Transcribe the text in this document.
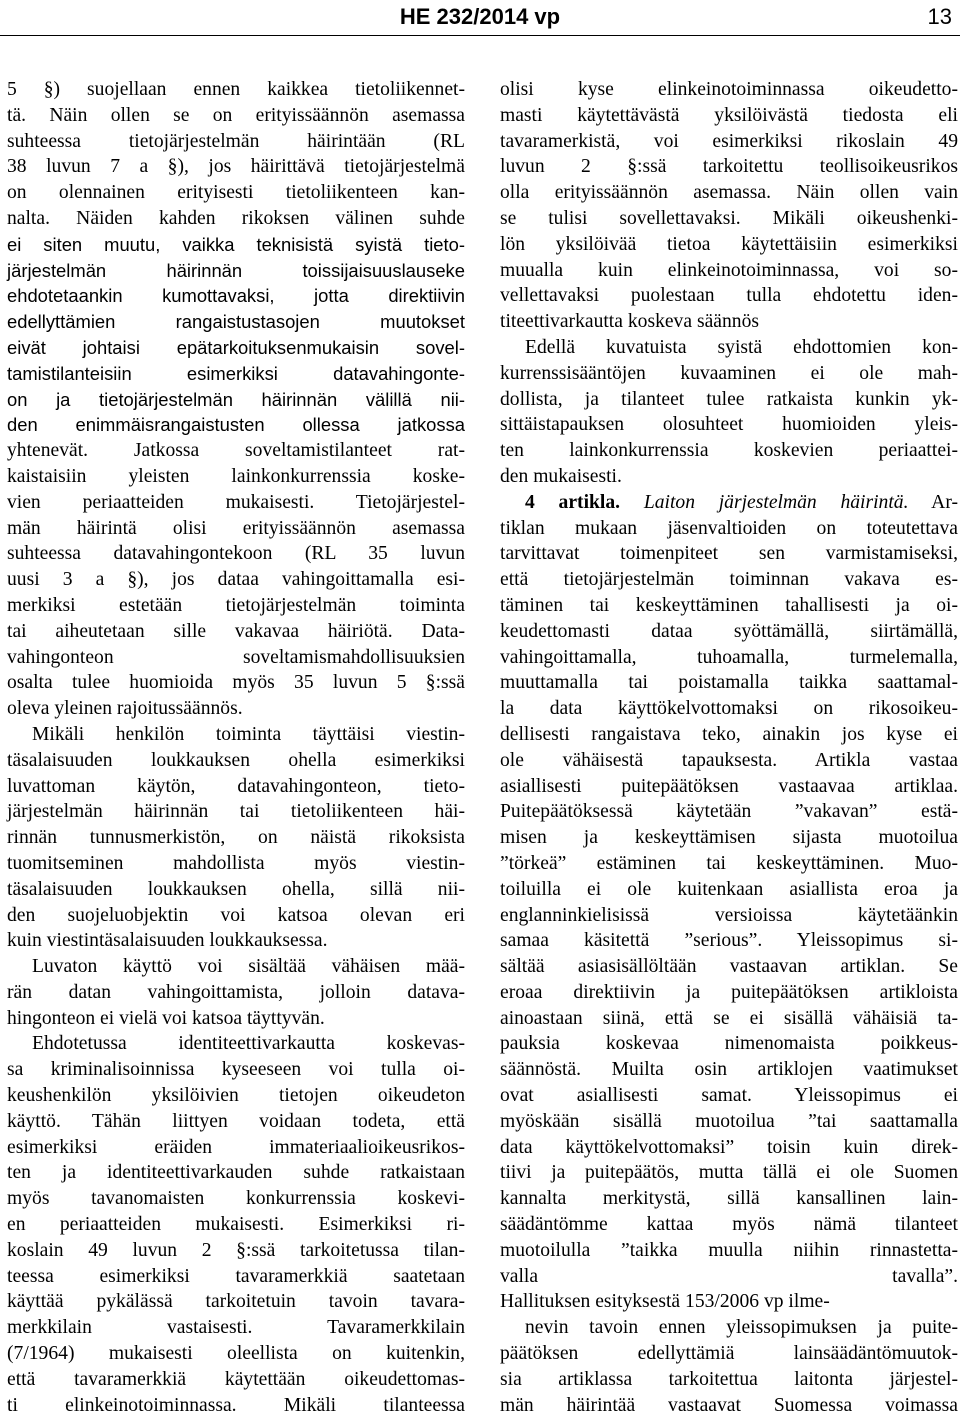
HE 232/2014 vp	13
5 §) suojellaan ennen kaikkea tietoliikennet-
tä. Näin ollen se on erityissäännön asemassa
suhteessa tietojärjestelmän häirintään (RL
38 luvun 7 a §), jos häirittävä tietojärjestelmä
on olennainen erityisesti tietoliikenteen kan-
nalta. Näiden kahden rikoksen välinen suhde
ei siten muutu, vaikka teknisistä syistä tieto-
järjestelmän häirinnän toissijaisuuslauseke
ehdotetaankin kumottavaksi, jotta direktiivin
edellyttämien rangaistustasojen muutokset
eivät johtaisi epätarkoituksenmukaisin sovel-
tamistilanteisiin esimerkiksi datavahingonte-
on ja tietojärjestelmän häirinnän välillä nii-
den enimmäisrangaistusten ollessa jatkossa
yhtenevät. Jatkossa soveltamistilanteet rat-
kaistaisiin yleisten lainkonkurrenssia koske-
vien periaatteiden mukaisesti. Tietojärjestel-
män häirintä olisi erityissäännön asemassa
suhteessa datavahingontekoon (RL 35 luvun
uusi 3 a §), jos dataa vahingoittamalla esi-
merkiksi estetään tietojärjestelmän toiminta
tai aiheutetaan sille vakavaa häiriötä. Data-
vahingonteon soveltamismahdollisuuksien
osalta tulee huomioida myös 35 luvun 5 §:ssä
oleva yleinen rajoitussäännös.
Mikäli henkilön toiminta täyttäisi viestin-
täsalaisuuden loukkauksen ohella esimerkiksi
luvattoman käytön, datavahingonteon, tieto-
järjestelmän häirinnän tai tietoliikenteen häi-
rinnän tunnusmerkistön, on näistä rikoksista
tuomitseminen mahdollista myös viestin-
täsalaisuuden loukkauksen ohella, sillä nii-
den suojeluobjektin voi katsoa olevan eri
kuin viestintäsalaisuuden loukkauksessa.
Luvaton käyttö voi sisältää vähäisen mää-
rän datan vahingoittamista, jolloin datava-
hingonteon ei vielä voi katsoa täyttyvän.
Ehdotetussa identiteettivarkautta koskevas-
sa kriminalisoinnissa kyseeseen voi tulla oi-
keushenkilön yksilöivien tietojen oikeudeton
käyttö. Tähän liittyen voidaan todeta, että
esimerkiksi eräiden immateriaalioikeusrikos-
ten ja identiteettivarkauden suhde ratkaistaan
myös tavanomaisten konkurrenssia koskevi-
en periaatteiden mukaisesti. Esimerkiksi ri-
koslain 49 luvun 2 §:ssä tarkoitetussa tilan-
teessa esimerkiksi tavaramerkkiä saatetaan
käyttää pykälässä tarkoitetuin tavoin tavara-
merkkilain vastaisesti. Tavaramerkkilain
(7/1964) mukaisesti oleellista on kuitenkin,
että tavaramerkkiä käytettään oikeudettomas-
ti elinkeinotoiminnassa. Mikäli tilanteessa
olisi kyse elinkeinotoiminnassa oikeudetto-
masti käytettävästä yksilöivästä tiedosta eli
tavaramerkistä, voi esimerkiksi rikoslain 49
luvun 2 §:ssä tarkoitettu teollisoikeusrikos
olla erityissäännön asemassa. Näin ollen vain
se tulisi sovellettavaksi. Mikäli oikeushenki-
lön yksilöivää tietoa käytettäisiin esimerkiksi
muualla kuin elinkeinotoiminnassa, voi so-
vellettavaksi puolestaan tulla ehdotettu iden-
titeettivarkautta koskeva säännös
Edellä kuvatuista syistä ehdottomien kon-
kurrenssisääntöjen kuvaaminen ei ole mah-
dollista, ja tilanteet tulee ratkaista kunkin yk-
sittäistapauksen olosuhteet huomioiden yleis-
ten lainkonkurrenssia koskevien periaattei-
den mukaisesti.
4 artikla. Laiton järjestelmän häirintä. Ar-
tiklan mukaan jäsenvaltioiden on toteutettava
tarvittavat toimenpiteet sen varmistamiseksi,
että tietojärjestelmän toiminnan vakava es-
täminen tai keskeyttäminen tahallisesti ja oi-
keudettomasti dataa syöttämällä, siirtämällä,
vahingoittamalla, tuhoamalla, turmelemalla,
muuttamalla tai poistamalla taikka saattamal-
la data käyttökelvottomaksi on rikosoikeu-
dellisesti rangaistava teko, ainakin jos kyse ei
ole vähäisestä tapauksesta. Artikla vastaa
asiallisesti puitepäätöksen vastaavaa artiklaa.
Puitepäätöksessä käytetään ”vakavan” estä-
misen ja keskeyttämisen sijasta muotoilua
”törkeä” estäminen tai keskeyttäminen. Muo-
toiluilla ei ole kuitenkaan asiallista eroa ja
englanninkielisissä versioissa käytetäänkin
samaa käsitettä ”serious”. Yleissopimus si-
sältää asiasisällöltään vastaavan artiklan. Se
eroaa direktiivin ja puitepäätöksen artikloista
ainoastaan siinä, että se ei sisällä vähäisiä ta-
pauksia koskevaa nimenomaista poikkeus-
säännöstä. Muilta osin artiklojen vaatimukset
ovat asiallisesti samat. Yleissopimus ei
myöskään sisällä muotoilua ”tai saattamalla
data käyttökelvottomaksi” toisin kuin direk-
tiivi ja puitepäätös, mutta tällä ei ole Suomen
kannalta merkitystä, sillä kansallinen lain-
säädäntömme kattaa myös nämä tilanteet
muotoilulla ”taikka muulla niihin rinnastetta-
valla tavalla”.
Hallituksen esityksestä 153/2006 vp ilme-
nevin tavoin ennen yleissopimuksen ja puite-
päätöksen edellyttämiä lainsäädäntömuutok-
sia artiklassa tarkoitettua laitonta järjestel-
män häirintää vastaavat Suomessa voimassa
